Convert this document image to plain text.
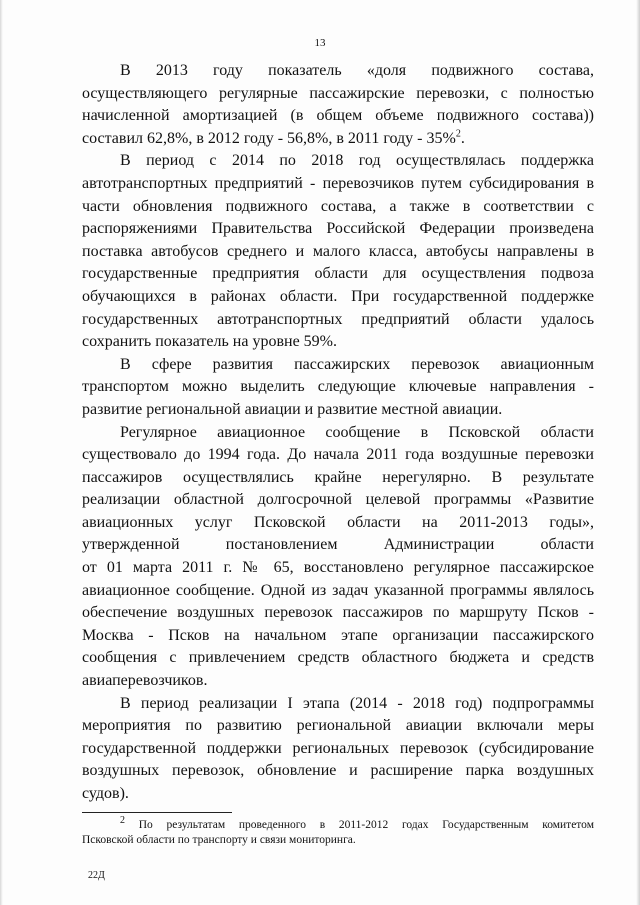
13

В 2013 году показатель «доля подвижного состава,
осуществляющего регулярные пассажирские перевозки, с полностью
начисленной амортизацией (в общем объеме подвижного состава))
составил 62,8%, в 2012 году - 56,8%, в 2011 году - 35%$^2$.

В период с 2014 по 2018 год осуществлялась поддержка
автотранспортных предприятий - перевозчиков путем субсидирования в
части обновления подвижного состава, а также в соответствии с
распоряжениями Правительства Российской Федерации произведена
поставка автобусов среднего и малого класса, автобусы направлены в
государственные предприятия области для осуществления подвоза
обучающихся в районах области. При государственной поддержке
государственных автотранспортных предприятий области удалось
сохранить показатель на уровне 59%.

В сфере развития пассажирских перевозок авиационным
транспортом можно выделить следующие ключевые направления -
развитие региональной авиации и развитие местной авиации.

Регулярное авиационное сообщение в Псковской области
существовало до 1994 года. До начала 2011 года воздушные перевозки
пассажиров осуществлялись крайне нерегулярно. В результате
реализации областной долгосрочной целевой программы «Развитие
авиационных услуг Псковской области на 2011-2013 годы»,
утвержденной постановлением Администрации области
от 01 марта 2011 г. № 65, восстановлено регулярное пассажирское
авиационное сообщение. Одной из задач указанной программы являлось
обеспечение воздушных перевозок пассажиров по маршруту Псков -
Москва - Псков на начальном этапе организации пассажирского
сообщения с привлечением средств областного бюджета и средств
авиаперевозчиков.

В период реализации I этапа (2014 - 2018 год) подпрограммы
мероприятия по развитию региональной авиации включали меры
государственной поддержки региональных перевозок (субсидирование
воздушных перевозок, обновление и расширение парка воздушных
судов).

$^2$ По результатам проведенного в 2011-2012 годах Государственным комитетом
Псковской области по транспорту и связи мониторинга.
22Д
